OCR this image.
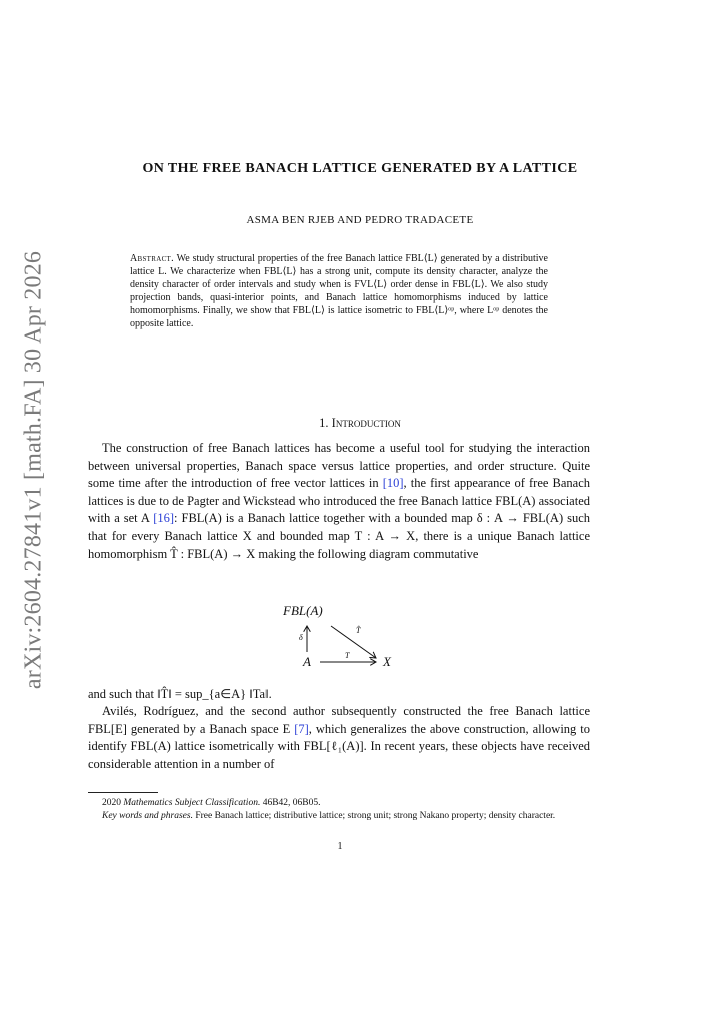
arXiv:2604.27841v1 [math.FA] 30 Apr 2026
ON THE FREE BANACH LATTICE GENERATED BY A LATTICE
ASMA BEN RJEB AND PEDRO TRADACETE
Abstract. We study structural properties of the free Banach lattice FBL⟨L⟩ generated by a distributive lattice L. We characterize when FBL⟨L⟩ has a strong unit, compute its density character, analyze the density character of order intervals and study when is FVL⟨L⟩ order dense in FBL⟨L⟩. We also study projection bands, quasi-interior points, and Banach lattice homomorphisms induced by lattice homomorphisms. Finally, we show that FBL⟨L⟩ is lattice isometric to FBL⟨L⟩ᵒᵖ, where Lᵒᵖ denotes the opposite lattice.
1. Introduction
The construction of free Banach lattices has become a useful tool for studying the interaction between universal properties, Banach space versus lattice properties, and order structure. Quite some time after the introduction of free vector lattices in [10], the first appearance of free Banach lattices is due to de Pagter and Wickstead who introduced the free Banach lattice FBL(A) associated with a set A [16]: FBL(A) is a Banach lattice together with a bounded map δ : A → FBL(A) such that for every Banach lattice X and bounded map T : A → X, there is a unique Banach lattice homomorphism T̂ : FBL(A) → X making the following diagram commutative
FBL(A)
A	X
δ
T̂
T
and such that ‖T̂‖ = sup_{a∈A} ‖Ta‖.
Avilés, Rodríguez, and the second author subsequently constructed the free Banach lattice FBL[E] generated by a Banach space E [7], which generalizes the above construction, allowing to identify FBL(A) lattice isometrically with FBL[ℓ₁(A)]. In recent years, these objects have received considerable attention in a number of
2020 Mathematics Subject Classification. 46B42, 06B05.
Key words and phrases. Free Banach lattice; distributive lattice; strong unit; strong Nakano property; density character.
1
